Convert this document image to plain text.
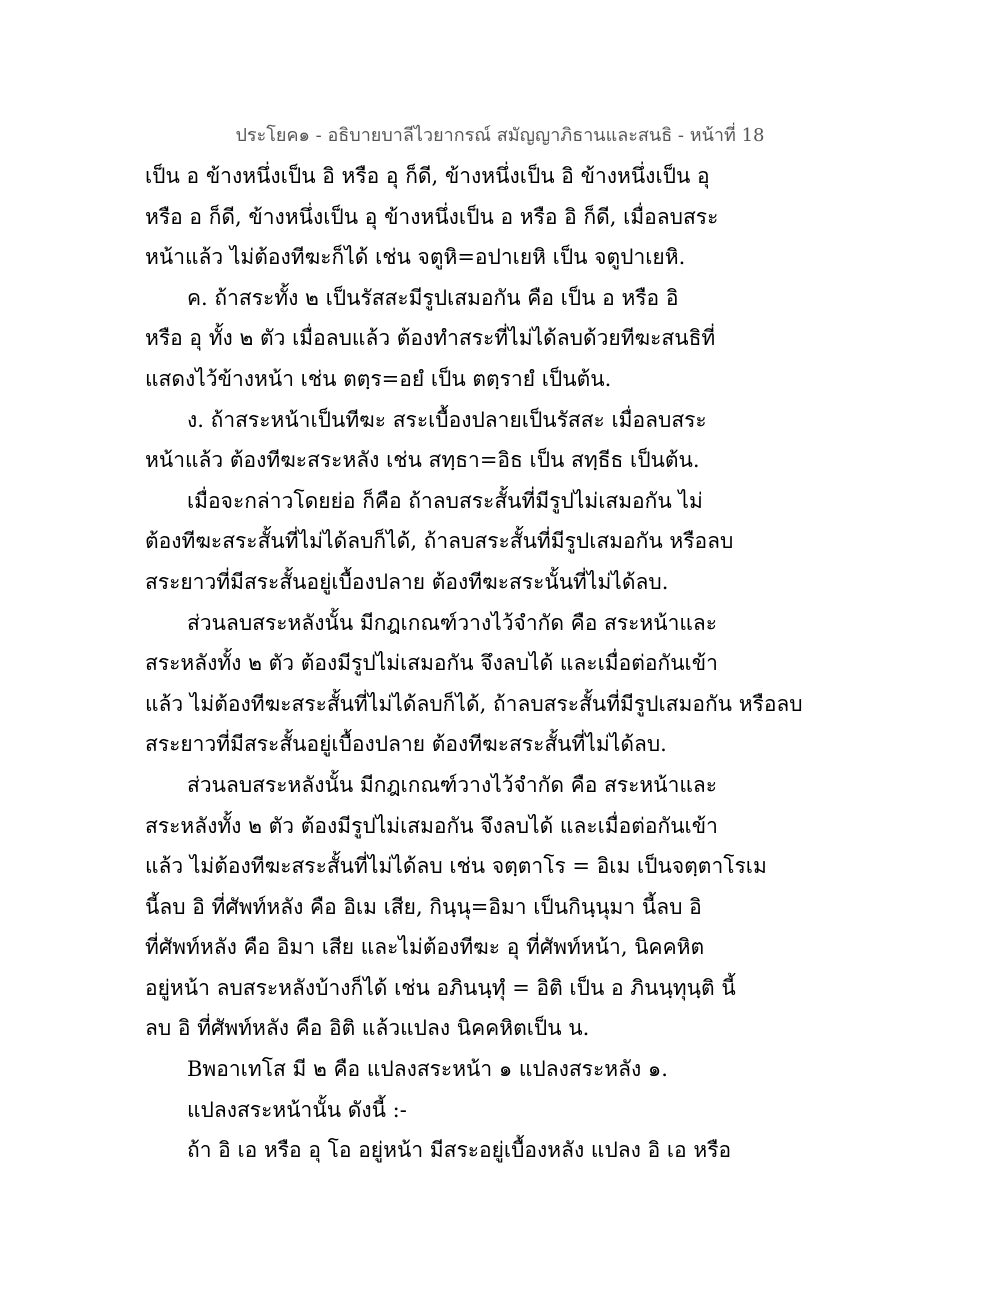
ประโยค๑ - อธิบายบาลีไวยากรณ์ สมัญญาภิธานและสนธิ - หน้าที่ 18
เป็น อ ข้างหนึ่งเป็น อิ หรือ อุ ก็ดี, ข้างหนึ่งเป็น อิ ข้างหนึ่งเป็น อุ
หรือ อ ก็ดี, ข้างหนึ่งเป็น อุ ข้างหนึ่งเป็น อ หรือ อิ ก็ดี, เมื่อลบสระ
หน้าแล้ว ไม่ต้องทีฆะก็ได้ เช่น จตูหิ=อปาเยหิ เป็น จตูปาเยหิ.
ค. ถ้าสระทั้ง ๒ เป็นรัสสะมีรูปเสมอกัน คือ เป็น อ หรือ อิ
หรือ อุ ทั้ง ๒ ตัว เมื่อลบแล้ว ต้องทำสระที่ไม่ได้ลบด้วยทีฆะสนธิที่
แสดงไว้ข้างหน้า เช่น ตตฺร=อยํ เป็น ตตฺรายํ เป็นต้น.
ง. ถ้าสระหน้าเป็นทีฆะ สระเบื้องปลายเป็นรัสสะ เมื่อลบสระ
หน้าแล้ว ต้องทีฆะสระหลัง เช่น สทฺธา=อิธ เป็น สทฺธีธ เป็นต้น.
เมื่อจะกล่าวโดยย่อ ก็คือ ถ้าลบสระสั้นที่มีรูปไม่เสมอกัน ไม่
ต้องทีฆะสระสั้นที่ไม่ได้ลบก็ได้, ถ้าลบสระสั้นที่มีรูปเสมอกัน หรือลบ
สระยาวที่มีสระสั้นอยู่เบื้องปลาย ต้องทีฆะสระนั้นที่ไม่ได้ลบ.
ส่วนลบสระหลังนั้น มีกฎเกณฑ์วางไว้จำกัด คือ สระหน้าและ
สระหลังทั้ง ๒ ตัว ต้องมีรูปไม่เสมอกัน จึงลบได้ และเมื่อต่อกันเข้า
แล้ว ไม่ต้องทีฆะสระสั้นที่ไม่ได้ลบก็ได้, ถ้าลบสระสั้นที่มีรูปเสมอกัน หรือลบ
สระยาวที่มีสระสั้นอยู่เบื้องปลาย ต้องทีฆะสระสั้นที่ไม่ได้ลบ.
ส่วนลบสระหลังนั้น มีกฎเกณฑ์วางไว้จำกัด คือ สระหน้าและ
สระหลังทั้ง ๒ ตัว ต้องมีรูปไม่เสมอกัน จึงลบได้ และเมื่อต่อกันเข้า
แล้ว ไม่ต้องทีฆะสระสั้นที่ไม่ได้ลบ เช่น จตฺตาโร = อิเม เป็นจตฺตาโรเม
นี้ลบ อิ ที่ศัพท์หลัง คือ อิเม เสีย, กินฺนุ=อิมา เป็นกินฺนุมา นี้ลบ อิ
ที่ศัพท์หลัง คือ อิมา เสีย และไม่ต้องทีฆะ อุ ที่ศัพท์หน้า, นิคคหิต
อยู่หน้า ลบสระหลังบ้างก็ได้ เช่น อภินนฺทุํ = อิติ เป็น อ ภินนฺทุนฺติ นี้
ลบ อิ ที่ศัพท์หลัง คือ อิติ แล้วแปลง นิคคหิตเป็น น.
Bพอาเทโส มี ๒ คือ แปลงสระหน้า ๑ แปลงสระหลัง ๑.
แปลงสระหน้านั้น ดังนี้ :-
ถ้า อิ เอ หรือ อุ โอ อยู่หน้า มีสระอยู่เบื้องหลัง แปลง อิ เอ หรือ
